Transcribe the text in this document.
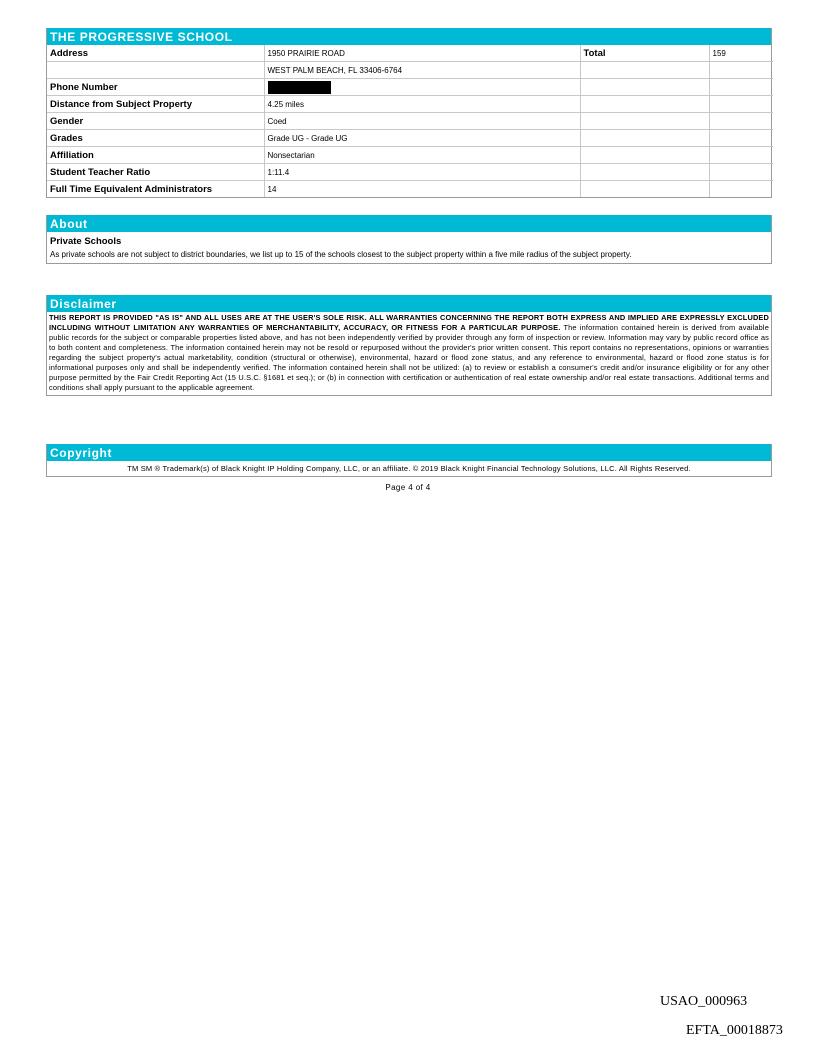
THE PROGRESSIVE SCHOOL
Address	1950 PRAIRIE ROAD	Total	159
	WEST PALM BEACH, FL 33406-6764		
Phone Number			
Distance from Subject Property	4.25 miles		
Gender	Coed		
Grades	Grade UG - Grade UG		
Affiliation	Nonsectarian		
Student Teacher Ratio	1:11.4		
Full Time Equivalent Administrators	14		
About
Private Schools
As private schools are not subject to district boundaries, we list up to 15 of the schools closest to the subject property within a five mile radius of the subject property.
Disclaimer
THIS REPORT IS PROVIDED "AS IS" AND ALL USES ARE AT THE USER'S SOLE RISK. ALL WARRANTIES CONCERNING THE REPORT BOTH EXPRESS AND IMPLIED ARE EXPRESSLY EXCLUDED INCLUDING WITHOUT LIMITATION ANY WARRANTIES OF MERCHANTABILITY, ACCURACY, OR FITNESS FOR A PARTICULAR PURPOSE. The information contained herein is derived from available public records for the subject or comparable properties listed above, and has not been independently verified by provider through any form of inspection or review. Information may vary by public record office as to both content and completeness. The information contained herein may not be resold or repurposed without the provider's prior written consent. This report contains no representations, opinions or warranties regarding the subject property's actual marketability, condition (structural or otherwise), environmental, hazard or flood zone status, and any reference to environmental, hazard or flood zone status is for informational purposes only and shall be independently verified. The information contained herein shall not be utilized: (a) to review or establish a consumer's credit and/or insurance eligibility or for any other purpose permitted by the Fair Credit Reporting Act (15 U.S.C. §1681 et seq.); or (b) in connection with certification or authentication of real estate ownership and/or real estate transactions. Additional terms and conditions shall apply pursuant to the applicable agreement.
Copyright
TM SM ® Trademark(s) of Black Knight IP Holding Company, LLC, or an affiliate. © 2019 Black Knight Financial Technology Solutions, LLC. All Rights Reserved.
Page 4 of 4
USAO_000963
EFTA_00018873
